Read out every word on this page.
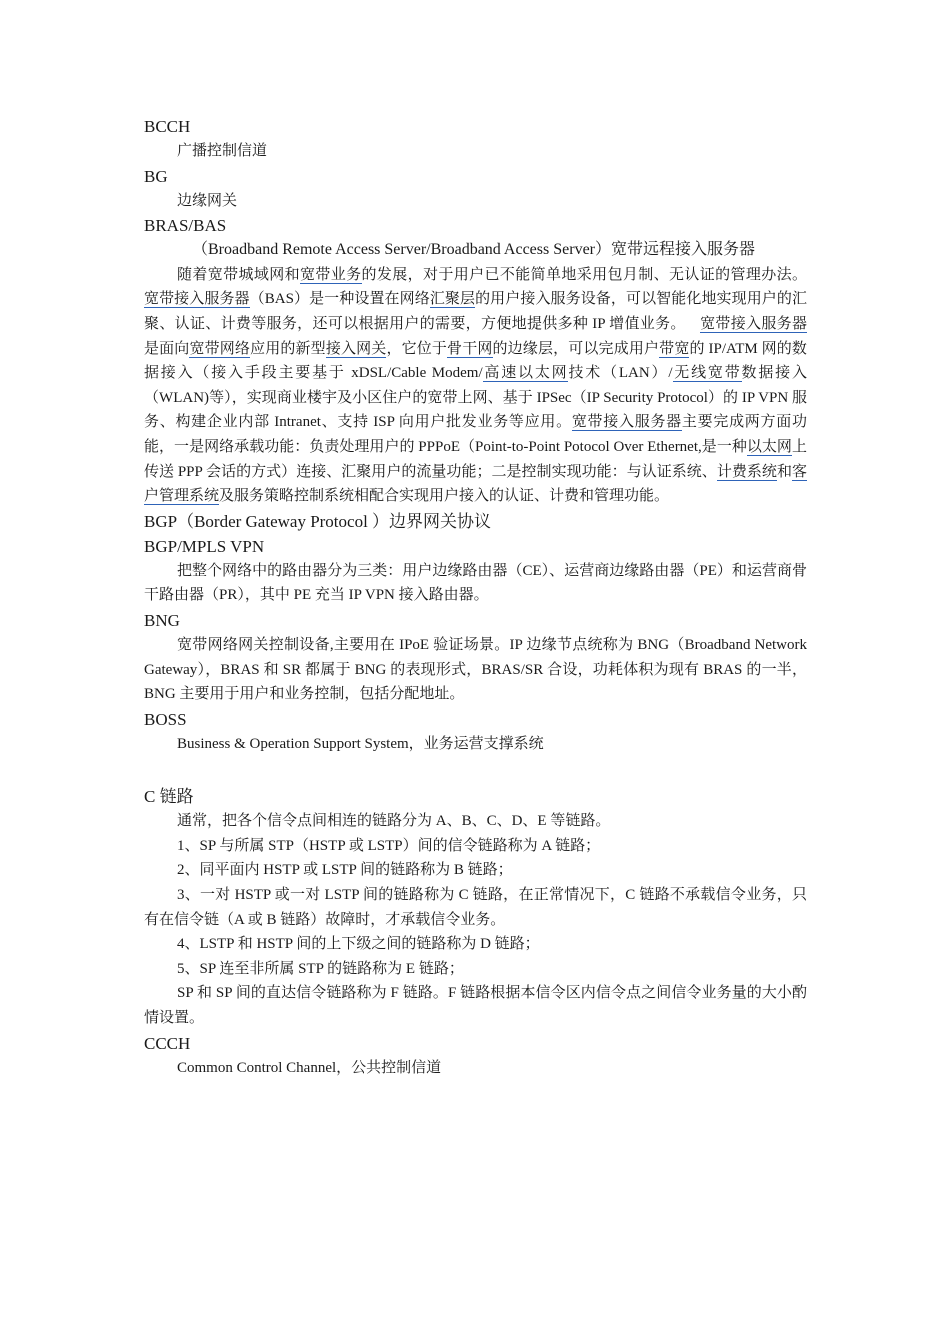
BCCH

广播控制信道

BG

边缘网关

BRAS/BAS

（Broadband Remote Access Server/Broadband Access Server）宽带远程接入服务器

随着宽带城域网和宽带业务的发展，对于用户已不能简单地采用包月制、无认证的管理办法。宽带接入服务器（BAS）是一种设置在网络汇聚层的用户接入服务设备，可以智能化地实现用户的汇聚、认证、计费等服务，还可以根据用户的需要，方便地提供多种 IP 增值业务。 宽带接入服务器是面向宽带网络应用的新型接入网关，它位于骨干网的边缘层，可以完成用户带宽的 IP/ATM 网的数据接入（接入手段主要基于 xDSL/Cable Modem/高速以太网技术（LAN）/无线宽带数据接入（WLAN)等），实现商业楼宇及小区住户的宽带上网、基于 IPSec（IP Security Protocol）的 IP VPN 服务、构建企业内部 Intranet、支持 ISP 向用户批发业务等应用。宽带接入服务器主要完成两方面功能，一是网络承载功能：负责处理用户的 PPPoE（Point-to-Point Potocol Over Ethernet,是一种以太网上传送 PPP 会话的方式）连接、汇聚用户的流量功能；二是控制实现功能：与认证系统、计费系统和客户管理系统及服务策略控制系统相配合实现用户接入的认证、计费和管理功能。

BGP（Border Gateway Protocol ）边界网关协议

BGP/MPLS VPN

把整个网络中的路由器分为三类：用户边缘路由器（CE）、运营商边缘路由器（PE）和运营商骨干路由器（PR），其中 PE 充当 IP VPN 接入路由器。

BNG

宽带网络网关控制设备,主要用在 IPoE 验证场景。IP 边缘节点统称为 BNG（Broadband Network Gateway），BRAS 和 SR 都属于 BNG 的表现形式，BRAS/SR 合设，功耗体积为现有 BRAS 的一半，BNG 主要用于用户和业务控制，包括分配地址。

BOSS

Business & Operation Support System，业务运营支撑系统

C 链路

通常，把各个信令点间相连的链路分为 A、B、C、D、E 等链路。

1、SP 与所属 STP（HSTP 或 LSTP）间的信令链路称为 A 链路；

2、同平面内 HSTP 或 LSTP 间的链路称为 B 链路；

3、一对 HSTP 或一对 LSTP 间的链路称为 C 链路，在正常情况下，C 链路不承载信令业务，只有在信令链（A 或 B 链路）故障时，才承载信令业务。

4、LSTP 和 HSTP 间的上下级之间的链路称为 D 链路；

5、SP 连至非所属 STP 的链路称为 E 链路；

SP 和 SP 间的直达信令链路称为 F 链路。F 链路根据本信令区内信令点之间信令业务量的大小酌情设置。

CCCH

Common Control Channel，公共控制信道
